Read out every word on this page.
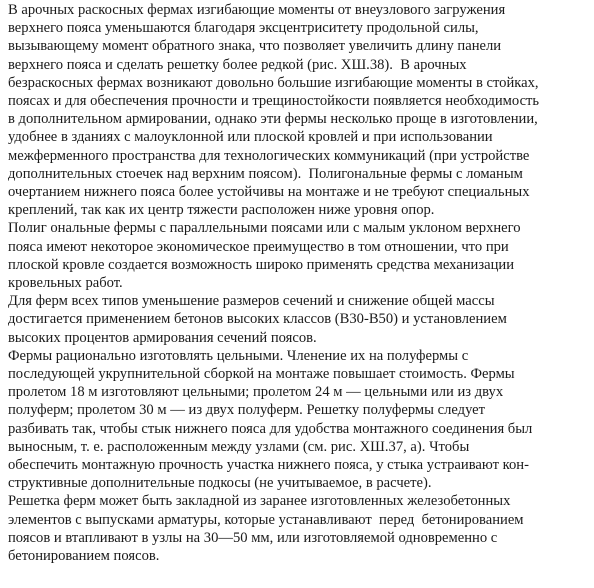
В арочных раскосных фермах изгибающие моменты от внеузлового загружения
верхнего пояса уменьшаются благодаря эксцентриситету продольной силы,
вызывающему момент обратного знака, что позволяет увеличить длину панели
верхнего пояса и сделать решетку более редкой (рис. ХШ.38).  В арочных
безраскосных фермах возникают довольно большие изгибающие моменты в стойках,
поясах и для обеспечения прочности и трещиностойкости появляется необходимость
в дополнительном армировании, однако эти фермы несколько проще в изготовлении,
удобнее в зданиях с малоуклонной или плоской кровлей и при использовании
межферменного пространства для технологических коммуникаций (при устройстве
дополнительных стоечек над верхним поясом).  Полигональные фермы с ломаным
очертанием нижнего пояса более устойчивы на монтаже и не требуют специальных
креплений, так как их центр тяжести расположен ниже уровня опор.
Полиг ональные фермы с параллельными поясами или с малым уклоном верхнего
пояса имеют некоторое экономическое преимущество в том отношении, что при
плоской кровле создается возможность широко применять средства механизации
кровельных работ.
Для ферм всех типов уменьшение размеров сечений и снижение общей массы
достигается применением бетонов высоких классов (В30-В50) и установлением
высоких процентов армирования сечений поясов.
Фермы рационально изготовлять цельными. Членение их на полуфермы с
последующей укрупнительной сборкой на монтаже повышает стоимость. Фермы
пролетом 18 м изготовляют цельными; пролетом 24 м — цельными или из двух
полуферм; пролетом 30 м — из двух полуферм. Решетку полуфермы следует
разбивать так, чтобы стык нижнего пояса для удобства монтажного соединения был
выносным, т. е. расположенным между узлами (см. рис. ХШ.37, а). Чтобы
обеспечить монтажную прочность участка нижнего пояса, у стыка устраивают кон-
структивные дополнительные подкосы (не учитываемое, в расчете).
Решетка ферм может быть закладной из заранее изготовленных железобетонных
элементов с выпусками арматуры, которые устанавливают  перед  бетонированием
поясов и втапливают в узлы на 30—50 мм, или изготовляемой одновременно с
бетонированием поясов.
